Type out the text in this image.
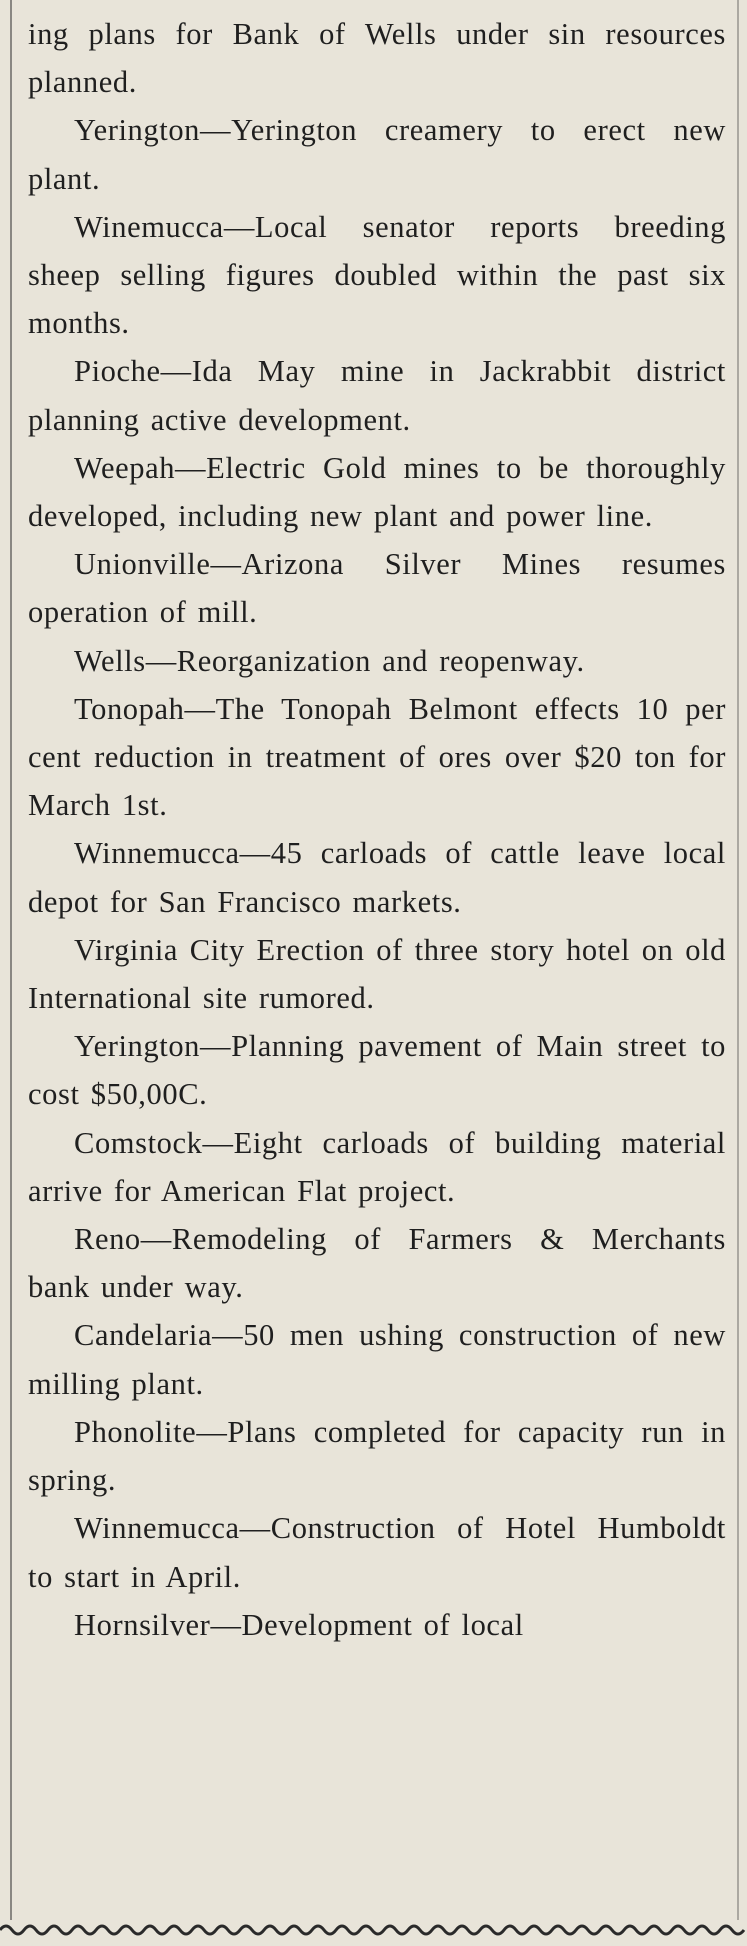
ing plans for Bank of Wells under sin resources planned.

Yerington—Yerington creamery to erect new plant.

Winemucca—Local senator reports breeding sheep selling figures doubled within the past six months.

Pioche—Ida May mine in Jackrabbit district planning active development.

Weepah—Electric Gold mines to be thoroughly developed, including new plant and power line.

Unionville—Arizona Silver Mines resumes operation of mill.

Wells—Reorganization and reopenway.

Tonopah—The Tonopah Belmont effects 10 per cent reduction in treatment of ores over $20 ton for March 1st.

Winnemucca—45 carloads of cattle leave local depot for San Francisco markets.

Virginia City Erection of three story hotel on old International site rumored.

Yerington—Planning pavement of Main street to cost $50,00C.

Comstock—Eight carloads of building material arrive for American Flat project.

Reno—Remodeling of Farmers & Merchants bank under way.

Candelaria—50 men ushing construction of new milling plant.

Phonolite—Plans completed for capacity run in spring.

Winnemucca—Construction of Hotel Humboldt to start in April.

Hornsilver—Development of local
